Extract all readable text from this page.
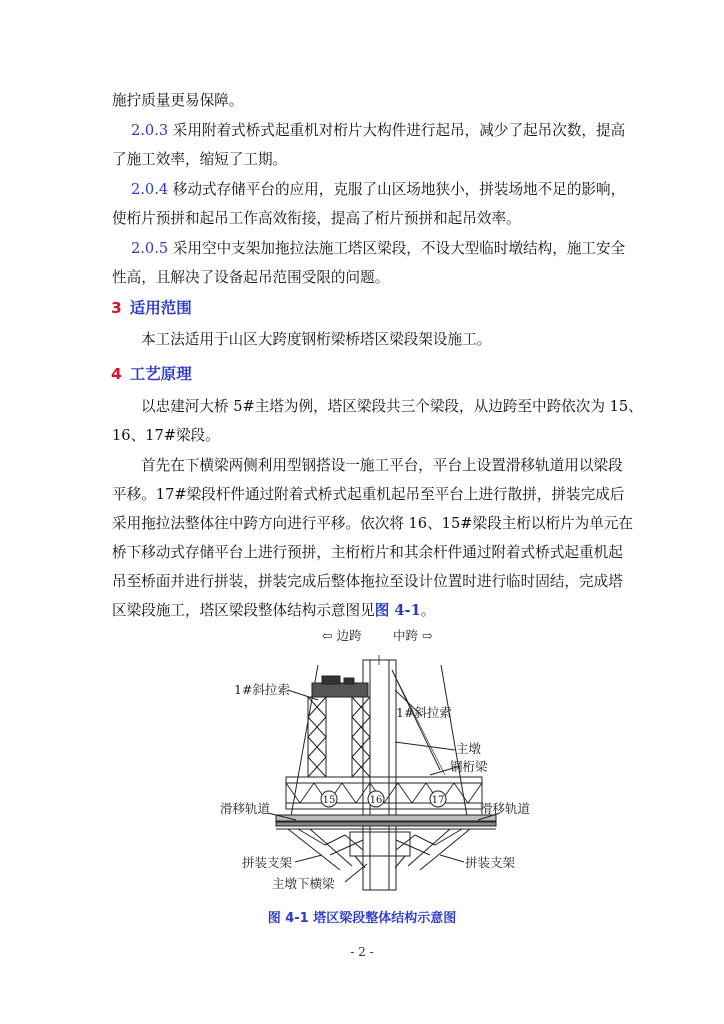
施拧质量更易保障。
2.0.3 采用附着式桥式起重机对桁片大构件进行起吊，减少了起吊次数，提高
了施工效率，缩短了工期。
2.0.4 移动式存储平台的应用，克服了山区场地狭小，拼装场地不足的影响，
使桁片预拼和起吊工作高效衔接，提高了桁片预拼和起吊效率。
2.0.5 采用空中支架加拖拉法施工塔区梁段，不设大型临时墩结构，施工安全
性高，且解决了设备起吊范围受限的问题。
3 适用范围
本工法适用于山区大跨度钢桁梁桥塔区梁段架设施工。
4 工艺原理
以忠建河大桥 5#主塔为例，塔区梁段共三个梁段，从边跨至中跨依次为 15、
16、17#梁段。
首先在下横梁两侧利用型钢搭设一施工平台，平台上设置滑移轨道用以梁段
平移。17#梁段杆件通过附着式桥式起重机起吊至平台上进行散拼，拼装完成后
采用拖拉法整体往中跨方向进行平移。依次将 16、15#梁段主桁以桁片为单元在
桥下移动式存储平台上进行预拼，主桁桁片和其余杆件通过附着式桥式起重机起
吊至桥面并进行拼装，拼装完成后整体拖拉至设计位置时进行临时固结，完成塔
区梁段施工，塔区梁段整体结构示意图见图 4-1。
⇦ 边跨	中跨 ⇨
15	16	17
1#斜拉索
1#斜拉索
主墩
钢桁梁
滑移轨道	滑移轨道
拼装支架	拼装支架
主墩下横梁
图 4-1 塔区梁段整体结构示意图
- 2 -
